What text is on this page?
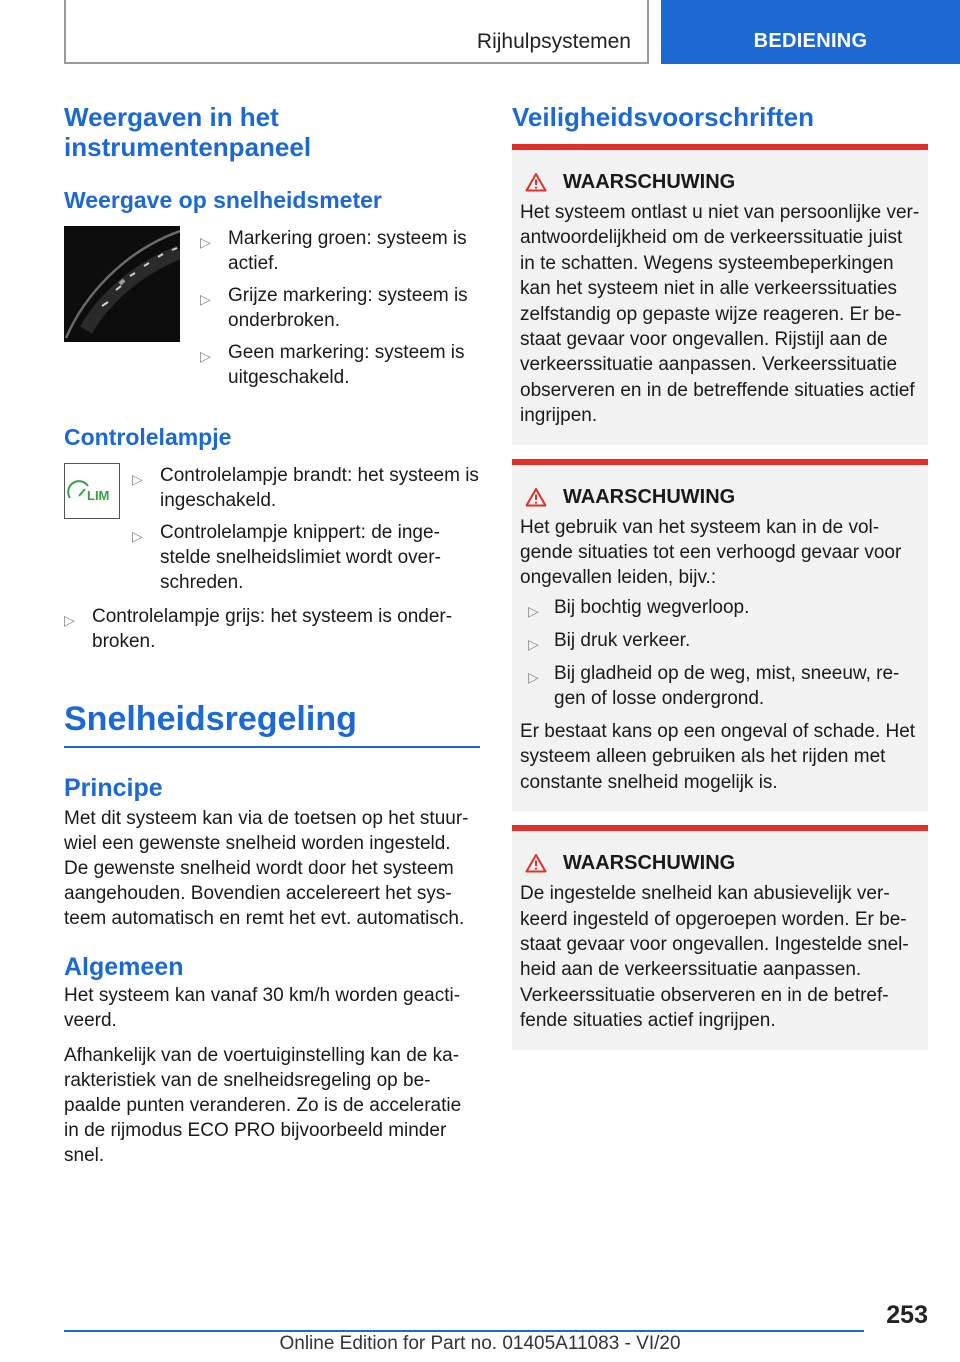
Rijhulpsystemen	BEDIENING
Weergaven in het instrumentenpaneel
Weergave op snelheidsmeter
▷ Markering groen: systeem is actief.
▷ Grijze markering: systeem is onderbroken.
▷ Geen markering: systeem is uitgeschakeld.
Controlelampje
LIM
▷ Controlelampje brandt: het systeem is ingeschakeld.
▷ Controlelampje knippert: de ingestelde snelheidslimiet wordt overschreden.
▷ Controlelampje grijs: het systeem is onderbroken.
Snelheidsregeling
Principe

Met dit systeem kan via de toetsen op het stuurwiel een gewenste snelheid worden ingesteld. De gewenste snelheid wordt door het systeem aangehouden. Bovendien accelereert het systeem automatisch en remt het evt. automatisch.

Algemeen

Het systeem kan vanaf 30 km/h worden geactiveerd.

Afhankelijk van de voertuiginstelling kan de karakteristiek van de snelheidsregeling op bepaalde punten veranderen. Zo is de acceleratie in de rijmodus ECO PRO bijvoorbeeld minder snel.

Veiligheidsvoorschriften
WAARSCHUWING

Het systeem ontlast u niet van persoonlijke verantwoordelijkheid om de verkeerssituatie juist in te schatten. Wegens systeembeperkingen kan het systeem niet in alle verkeerssituaties zelfstandig op gepaste wijze reageren. Er bestaat gevaar voor ongevallen. Rijstijl aan de verkeerssituatie aanpassen. Verkeerssituatie observeren en in de betreffende situaties actief ingrijpen.

WAARSCHUWING

Het gebruik van het systeem kan in de volgende situaties tot een verhoogd gevaar voor ongevallen leiden, bijv.:

▷ Bij bochtig wegverloop.
▷ Bij druk verkeer.
▷ Bij gladheid op de weg, mist, sneeuw, regen of losse ondergrond.

Er bestaat kans op een ongeval of schade. Het systeem alleen gebruiken als het rijden met constante snelheid mogelijk is.

WAARSCHUWING

De ingestelde snelheid kan abusievelijk verkeerd ingesteld of opgeroepen worden. Er bestaat gevaar voor ongevallen. Ingestelde snelheid aan de verkeerssituatie aanpassen. Verkeerssituatie observeren en in de betreffende situaties actief ingrijpen.

253
Online Edition for Part no. 01405A11083 - VI/20
